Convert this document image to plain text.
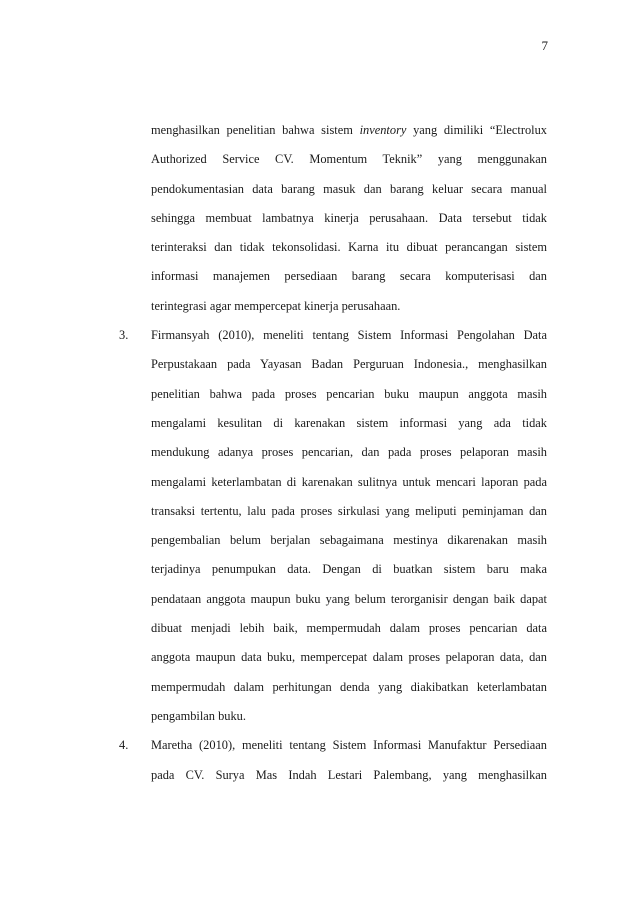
7
menghasilkan penelitian bahwa sistem inventory yang dimiliki “Electrolux
Authorized Service CV. Momentum Teknik” yang menggunakan
pendokumentasian data barang masuk dan barang keluar secara manual
sehingga membuat lambatnya kinerja perusahaan. Data tersebut tidak
terinteraksi dan tidak tekonsolidasi. Karna itu dibuat perancangan sistem
informasi manajemen persediaan barang secara komputerisasi dan
terintegrasi agar mempercepat kinerja perusahaan.
3.	Firmansyah (2010), meneliti tentang Sistem Informasi Pengolahan Data
Perpustakaan pada Yayasan Badan Perguruan Indonesia., menghasilkan
penelitian bahwa pada proses pencarian buku maupun anggota masih
mengalami kesulitan di karenakan sistem informasi yang ada tidak
mendukung adanya proses pencarian, dan pada proses pelaporan masih
mengalami keterlambatan di karenakan sulitnya untuk mencari laporan pada
transaksi tertentu, lalu pada proses sirkulasi yang meliputi peminjaman dan
pengembalian belum berjalan sebagaimana mestinya dikarenakan masih
terjadinya penumpukan data. Dengan di buatkan sistem baru maka
pendataan anggota maupun buku yang belum terorganisir dengan baik dapat
dibuat menjadi lebih baik, mempermudah dalam proses pencarian data
anggota maupun data buku, mempercepat dalam proses pelaporan data, dan
mempermudah dalam perhitungan denda yang diakibatkan keterlambatan
pengambilan buku.
4.	Maretha (2010), meneliti tentang Sistem Informasi Manufaktur Persediaan
pada CV. Surya Mas Indah Lestari Palembang, yang menghasilkan
